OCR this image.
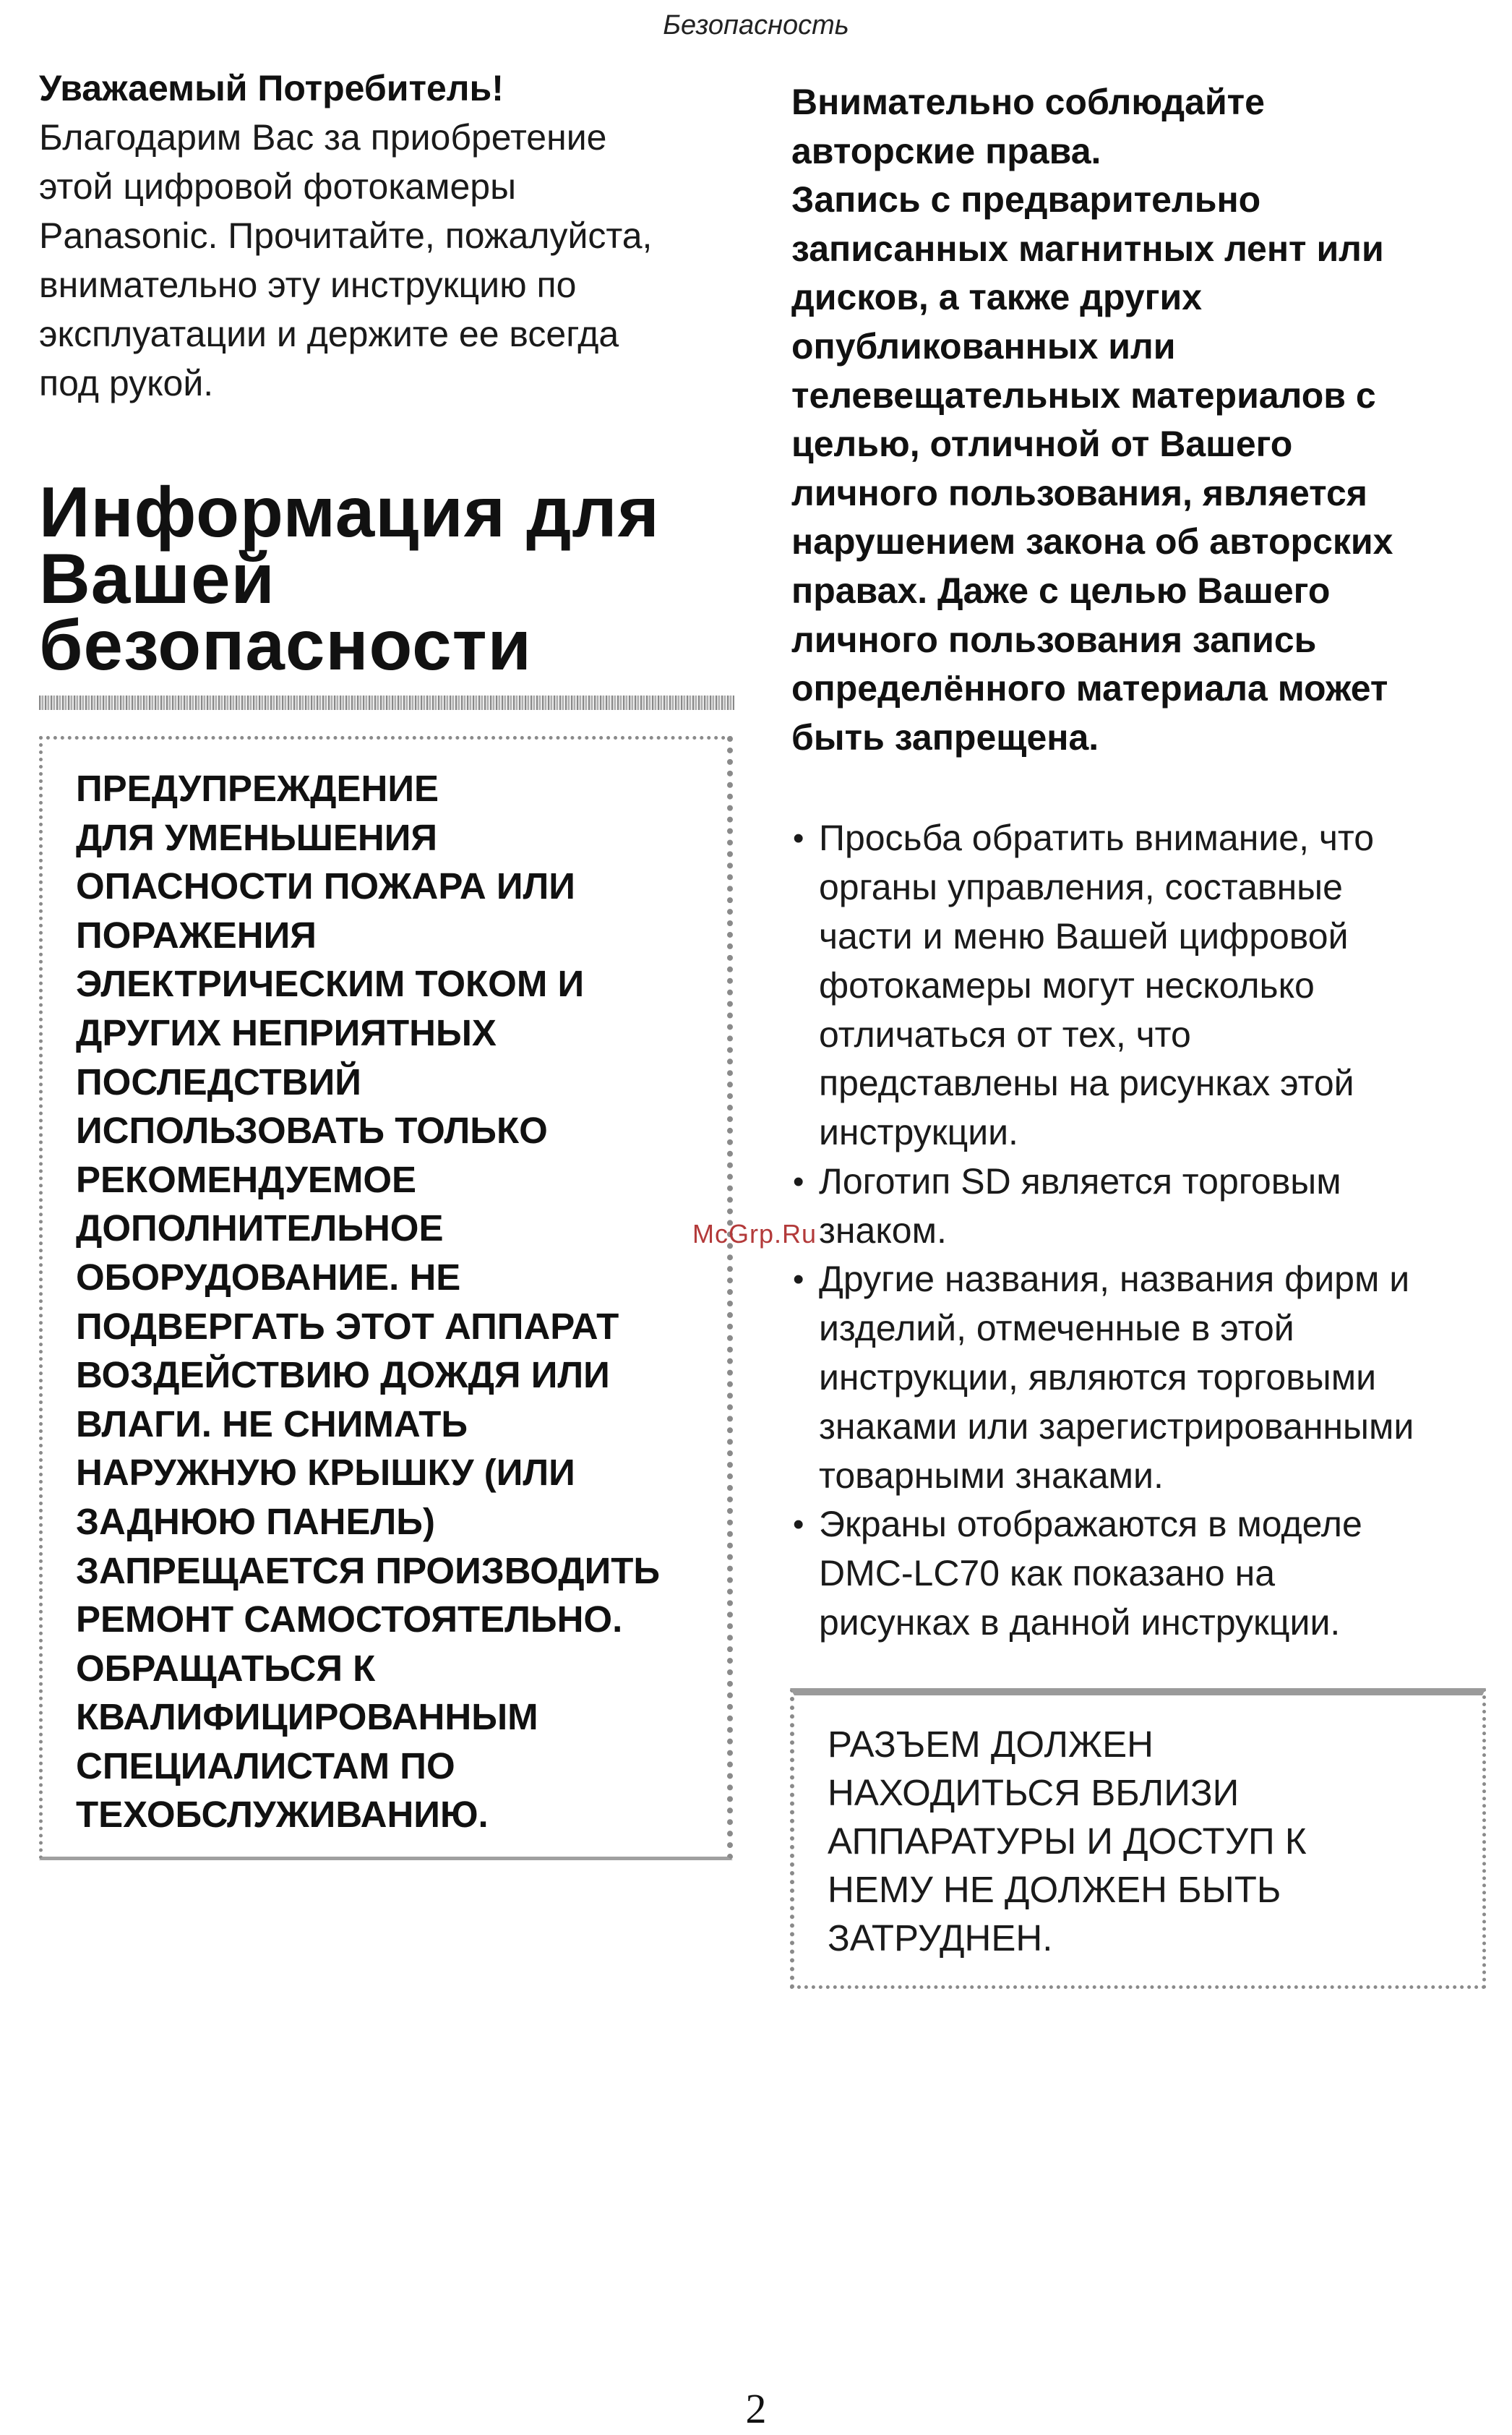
Безопасность

Уважаемый Потребитель!

Благодарим Вас за приобретение

этой цифровой фотокамеры

Panasonic. Прочитайте, пожалуйста,

внимательно эту инструкцию по

эксплуатации и держите ее всегда

под рукой.

Информация для
Вашей
безопасности

ПРЕДУПРЕЖДЕНИЕ

ДЛЯ УМЕНЬШЕНИЯ

ОПАСНОСТИ ПОЖАРА ИЛИ

ПОРАЖЕНИЯ

ЭЛЕКТРИЧЕСКИМ ТОКОМ И

ДРУГИХ НЕПРИЯТНЫХ

ПОСЛЕДСТВИЙ

ИСПОЛЬЗОВАТЬ ТОЛЬКО

РЕКОМЕНДУЕМОЕ

ДОПОЛНИТЕЛЬНОЕ

ОБОРУДОВАНИЕ. НЕ

ПОДВЕРГАТЬ ЭТОТ АППАРАТ

ВОЗДЕЙСТВИЮ ДОЖДЯ ИЛИ

ВЛАГИ. НЕ СНИМАТЬ

НАРУЖНУЮ КРЫШКУ (ИЛИ

ЗАДНЮЮ ПАНЕЛЬ)

ЗАПРЕЩАЕТСЯ ПРОИЗВОДИТЬ

РЕМОНТ САМОСТОЯТЕЛЬНО.

ОБРАЩАТЬСЯ К

КВАЛИФИЦИРОВАННЫМ

СПЕЦИАЛИСТАМ ПО

ТЕХОБСЛУЖИВАНИЮ.

Внимательно соблюдайте

авторские права.

Запись с предварительно

записанных магнитных лент или

дисков, а также других

опубликованных или

телевещательных материалов с

целью, отличной от Вашего

личного пользования, является

нарушением закона об авторских

правах. Даже с целью Вашего

личного пользования запись

определённого материала может

быть запрещена.

• Просьба обратить внимание, что
органы управления, составные
части и меню Вашей цифровой
фотокамеры могут несколько
отличаться от тех, что
представлены на рисунках этой
инструкции.
• Логотип SD является торговым
знаком.
• Другие названия, названия фирм и
изделий, отмеченные в этой
инструкции, являются торговыми
знаками или зарегистрированными
товарными знаками.
• Экраны отображаются в моделе
DMC-LC70 как показано на
рисунках в данной инструкции.

РАЗЪЕМ ДОЛЖЕН

НАХОДИТЬСЯ ВБЛИЗИ

АППАРАТУРЫ И ДОСТУП К

НЕМУ НЕ ДОЛЖЕН БЫТЬ

ЗАТРУДНЕН.

McGrp.Ru
2
